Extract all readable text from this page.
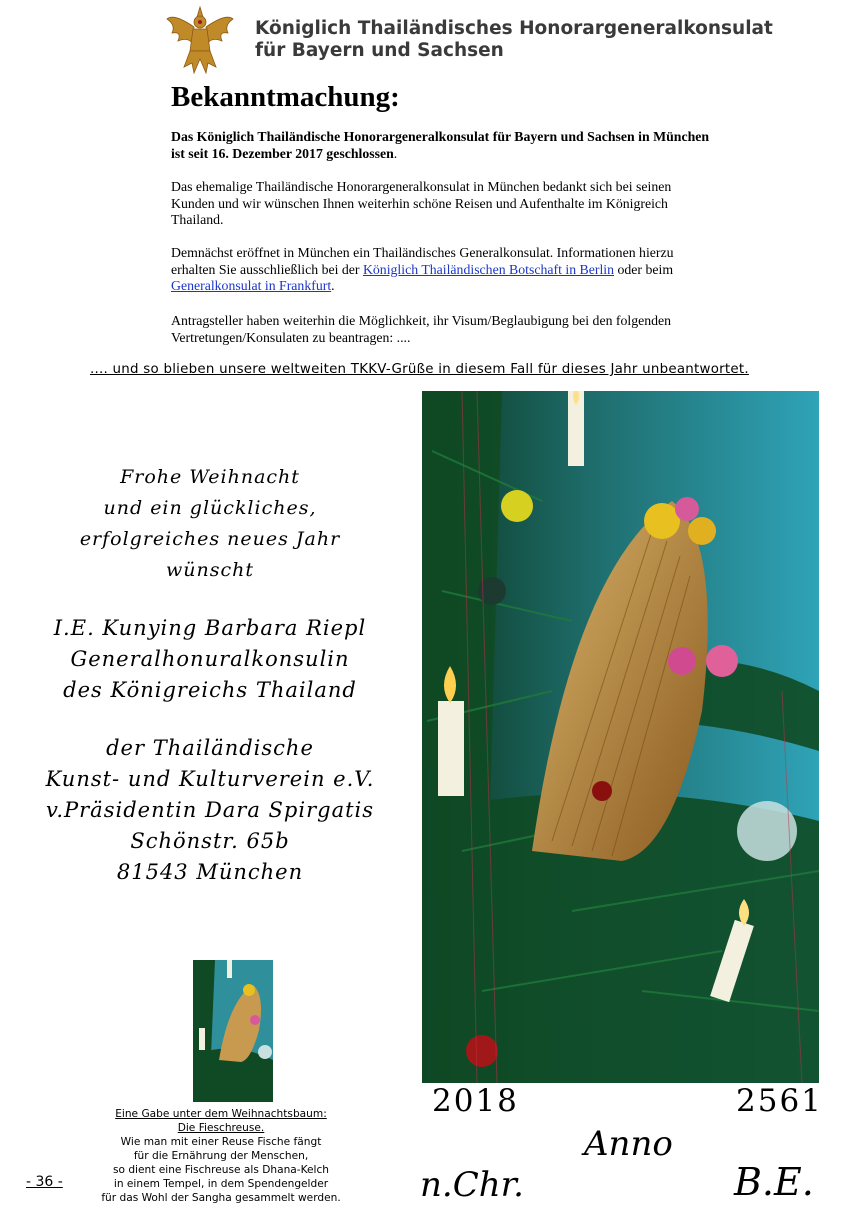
Königlich Thailändisches Honorargeneralkonsulat
für Bayern und Sachsen
Bekanntmachung:
Das Königlich Thailändische Honorargeneralkonsulat für Bayern und Sachsen in München ist seit 16. Dezember 2017 geschlossen.
Das ehemalige Thailändische Honorargeneralkonsulat in München bedankt sich bei seinen Kunden und wir wünschen Ihnen weiterhin schöne Reisen und Aufenthalte im Königreich Thailand.
Demnächst eröffnet in München ein Thailändisches Generalkonsulat. Informationen hierzu erhalten Sie ausschließlich bei der Königlich Thailändischen Botschaft in Berlin oder beim Generalkonsulat in Frankfurt.
Antragsteller haben weiterhin die Möglichkeit, ihr Visum/Beglaubigung bei den folgenden Vertretungen/Konsulaten zu beantragen: ....
.... und so blieben unsere weltweiten TKKV-Grüße in diesem Fall für dieses Jahr unbeantwortet.
Frohe Weihnacht
und ein glückliches,
erfolgreiches neues Jahr
wünscht
I.E. Kunying Barbara Riepl
Generalhonuralkonsulin
des Königreichs Thailand
der Thailändische
Kunst- und Kulturverein e.V.
v.Präsidentin Dara Spirgatis
Schönstr. 65b
81543 München
Eine Gabe unter dem Weihnachtsbaum:
Die Fieschreuse.
Wie man mit einer Reuse Fische fängt
für die Ernährung der Menschen,
so dient eine Fischreuse als Dhana-Kelch
in einem Tempel, in dem Spendengelder
für das Wohl der Sangha gesammelt werden.
- 36 -
2018	2561
Anno
n.Chr.	B.E.
